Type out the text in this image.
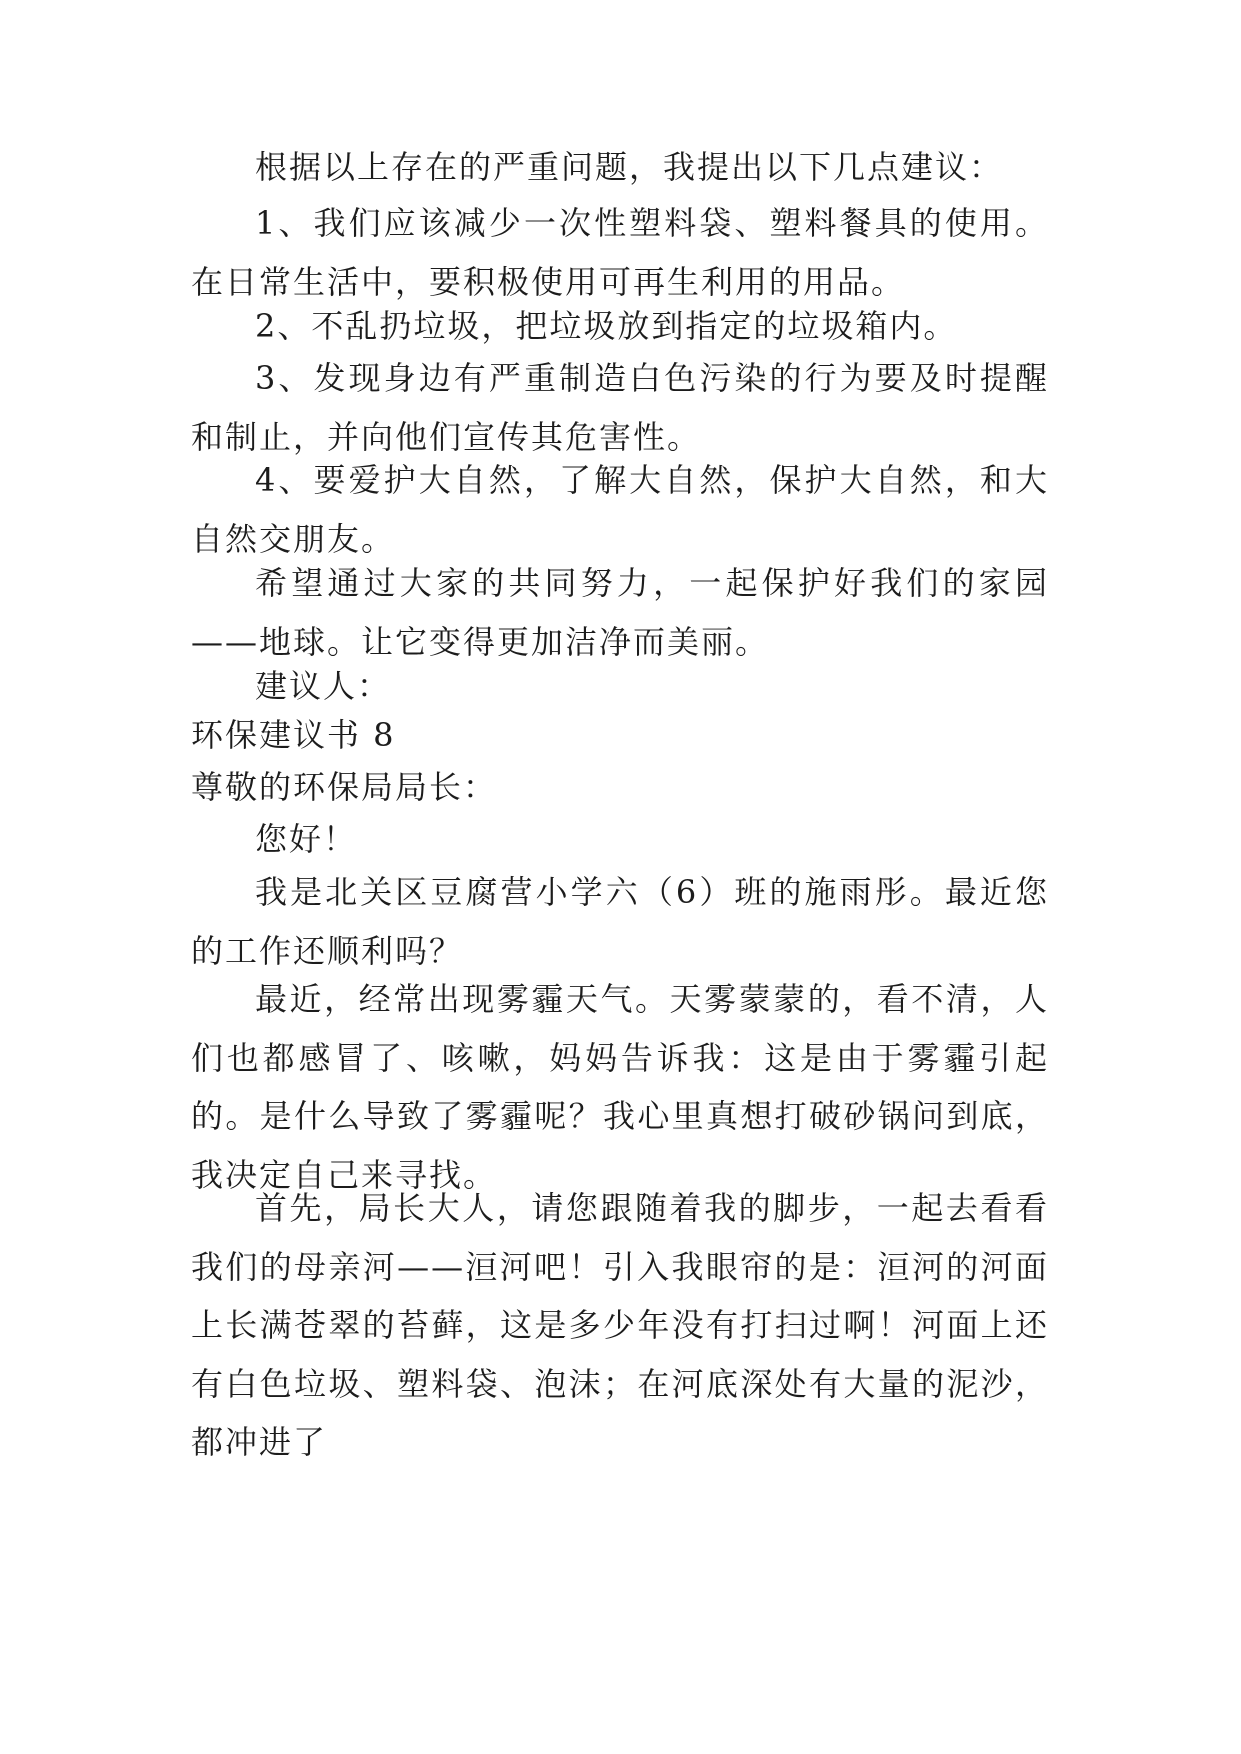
根据以上存在的严重问题，我提出以下几点建议：

1、我们应该减少一次性塑料袋、塑料餐具的使用。在日常生活中，要积极使用可再生利用的用品。

2、不乱扔垃圾，把垃圾放到指定的垃圾箱内。

3、发现身边有严重制造白色污染的行为要及时提醒和制止，并向他们宣传其危害性。

4、要爱护大自然，了解大自然，保护大自然，和大自然交朋友。

希望通过大家的共同努力，一起保护好我们的家园——地球。让它变得更加洁净而美丽。

建议人：

环保建议书 8

尊敬的环保局局长：

您好！

我是北关区豆腐营小学六（6）班的施雨彤。最近您的工作还顺利吗？

最近，经常出现雾霾天气。天雾蒙蒙的，看不清，人们也都感冒了、咳嗽，妈妈告诉我：这是由于雾霾引起的。是什么导致了雾霾呢？我心里真想打破砂锅问到底，我决定自己来寻找。

首先，局长大人，请您跟随着我的脚步，一起去看看我们的母亲河——洹河吧！引入我眼帘的是：洹河的河面上长满苍翠的苔藓，这是多少年没有打扫过啊！河面上还有白色垃圾、塑料袋、泡沫；在河底深处有大量的泥沙，都冲进了
